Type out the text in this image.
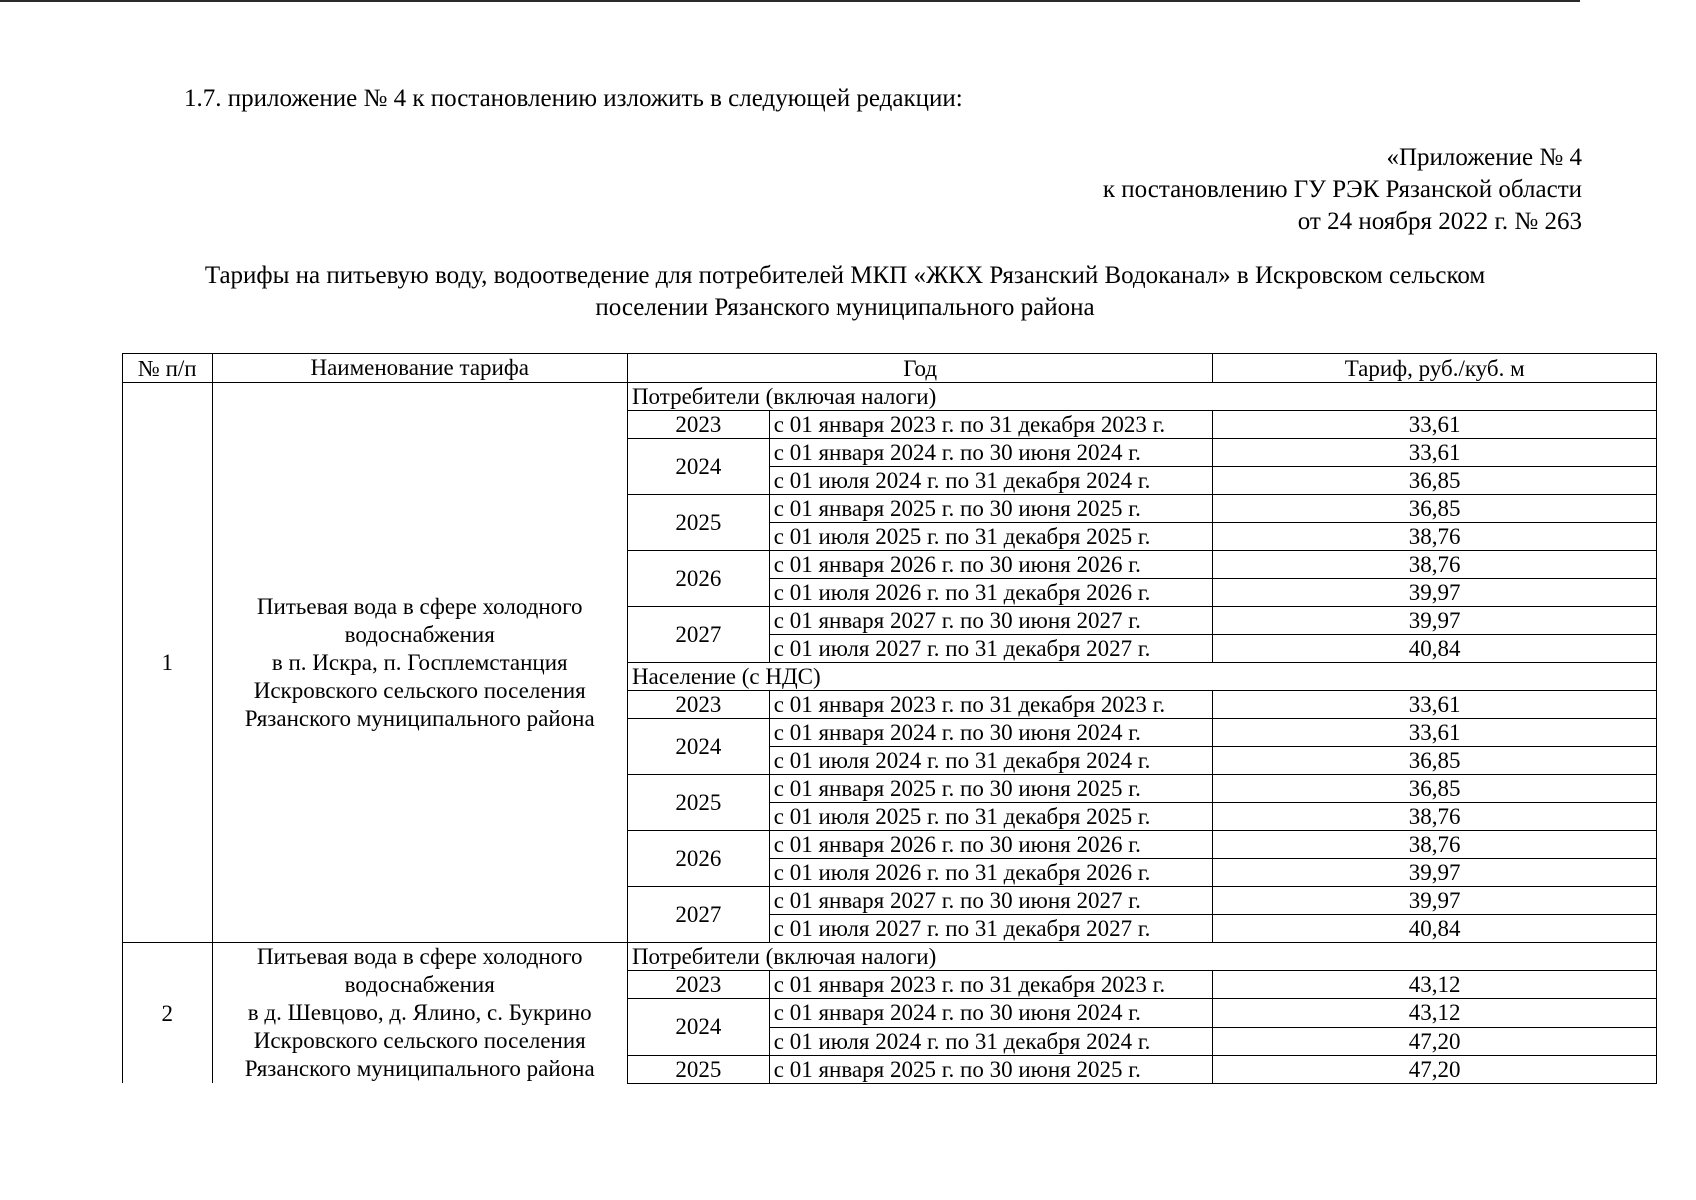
1.7. приложение № 4 к постановлению изложить в следующей редакции:
«Приложение № 4
к постановлению ГУ РЭК Рязанской области
от 24 ноября 2022 г. № 263
Тарифы на питьевую воду, водоотведение для потребителей МКП «ЖКХ Рязанский Водоканал» в Искровском сельском
поселении Рязанского муниципального района
№ п/п	Наименование тарифа	Год		Тариф, руб./куб. м
1	Питьевая вода в сфере холодного
водоснабжения
в п. Искра, п. Госплемстанция
Искровского сельского поселения
Рязанского муниципального района	Потребители (включая налоги)		
		2023	с 01 января 2023 г. по 31 декабря 2023 г.	33,61
		2024	с 01 января 2024 г. по 30 июня 2024 г.	33,61
			с 01 июля 2024 г. по 31 декабря 2024 г.	36,85
		2025	с 01 января 2025 г. по 30 июня 2025 г.	36,85
			с 01 июля 2025 г. по 31 декабря 2025 г.	38,76
		2026	с 01 января 2026 г. по 30 июня 2026 г.	38,76
			с 01 июля 2026 г. по 31 декабря 2026 г.	39,97
		2027	с 01 января 2027 г. по 30 июня 2027 г.	39,97
			с 01 июля 2027 г. по 31 декабря 2027 г.	40,84
		Население (с НДС)		
		2023	с 01 января 2023 г. по 31 декабря 2023 г.	33,61
		2024	с 01 января 2024 г. по 30 июня 2024 г.	33,61
			с 01 июля 2024 г. по 31 декабря 2024 г.	36,85
		2025	с 01 января 2025 г. по 30 июня 2025 г.	36,85
			с 01 июля 2025 г. по 31 декабря 2025 г.	38,76
		2026	с 01 января 2026 г. по 30 июня 2026 г.	38,76
			с 01 июля 2026 г. по 31 декабря 2026 г.	39,97
		2027	с 01 января 2027 г. по 30 июня 2027 г.	39,97
			с 01 июля 2027 г. по 31 декабря 2027 г.	40,84
2	Питьевая вода в сфере холодного
водоснабжения
в д. Шевцово, д. Ялино, с. Букрино
Искровского сельского поселения
Рязанского муниципального района	Потребители (включая налоги)		
		2023	с 01 января 2023 г. по 31 декабря 2023 г.	43,12
		2024	с 01 января 2024 г. по 30 июня 2024 г.	43,12
			с 01 июля 2024 г. по 31 декабря 2024 г.	47,20
		2025	с 01 января 2025 г. по 30 июня 2025 г.	47,20
